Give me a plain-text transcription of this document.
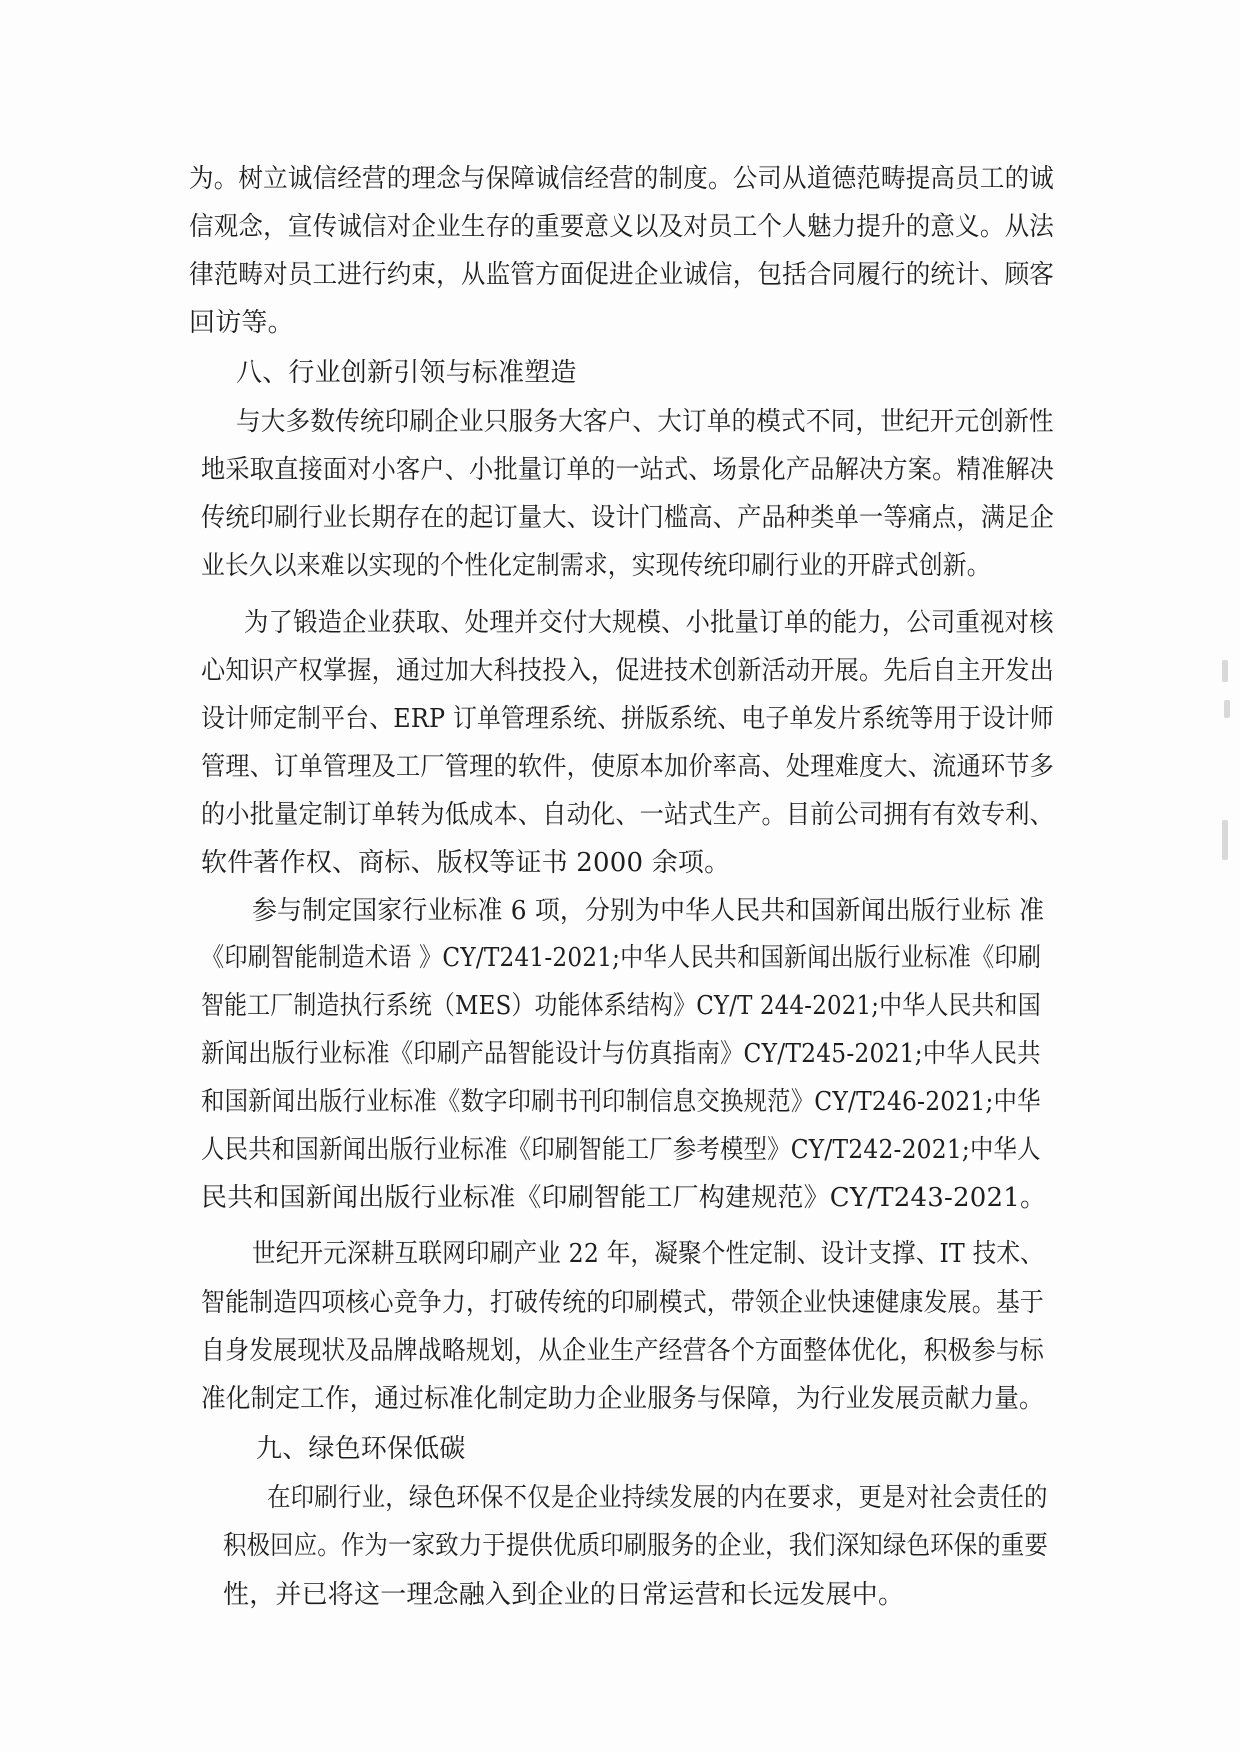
为。树立诚信经营的理念与保障诚信经营的制度。公司从道德范畴提高员工的诚
信观念，宣传诚信对企业生存的重要意义以及对员工个人魅力提升的意义。从法
律范畴对员工进行约束，从监管方面促进企业诚信，包括合同履行的统计、顾客
回访等。
八、行业创新引领与标准塑造
与大多数传统印刷企业只服务大客户、大订单的模式不同，世纪开元创新性
地采取直接面对小客户、小批量订单的一站式、场景化产品解决方案。精准解决
传统印刷行业长期存在的起订量大、设计门槛高、产品种类单一等痛点，满足企
业长久以来难以实现的个性化定制需求，实现传统印刷行业的开辟式创新。
为了锻造企业获取、处理并交付大规模、小批量订单的能力，公司重视对核
心知识产权掌握，通过加大科技投入，促进技术创新活动开展。先后自主开发出
设计师定制平台、ERP 订单管理系统、拼版系统、电子单发片系统等用于设计师
管理、订单管理及工厂管理的软件，使原本加价率高、处理难度大、流通环节多
的小批量定制订单转为低成本、自动化、一站式生产。目前公司拥有有效专利、
软件著作权、商标、版权等证书 2000 余项。
参与制定国家行业标准 6 项，分别为中华人民共和国新闻出版行业标 准
《印刷智能制造术语 》CY/T241-2021;中华人民共和国新闻出版行业标准《印刷
智能工厂制造执行系统（MES）功能体系结构》CY/T 244-2021;中华人民共和国
新闻出版行业标准《印刷产品智能设计与仿真指南》CY/T245-2021;中华人民共
和国新闻出版行业标准《数字印刷书刊印制信息交换规范》CY/T246-2021;中华
人民共和国新闻出版行业标准《印刷智能工厂参考模型》CY/T242-2021;中华人
民共和国新闻出版行业标准《印刷智能工厂构建规范》CY/T243-2021。
世纪开元深耕互联网印刷产业 22 年，凝聚个性定制、设计支撑、IT 技术、
智能制造四项核心竞争力，打破传统的印刷模式，带领企业快速健康发展。基于
自身发展现状及品牌战略规划，从企业生产经营各个方面整体优化，积极参与标
准化制定工作，通过标准化制定助力企业服务与保障，为行业发展贡献力量。
九、绿色环保低碳
在印刷行业，绿色环保不仅是企业持续发展的内在要求，更是对社会责任的
积极回应。作为一家致力于提供优质印刷服务的企业，我们深知绿色环保的重要
性，并已将这一理念融入到企业的日常运营和长远发展中。
